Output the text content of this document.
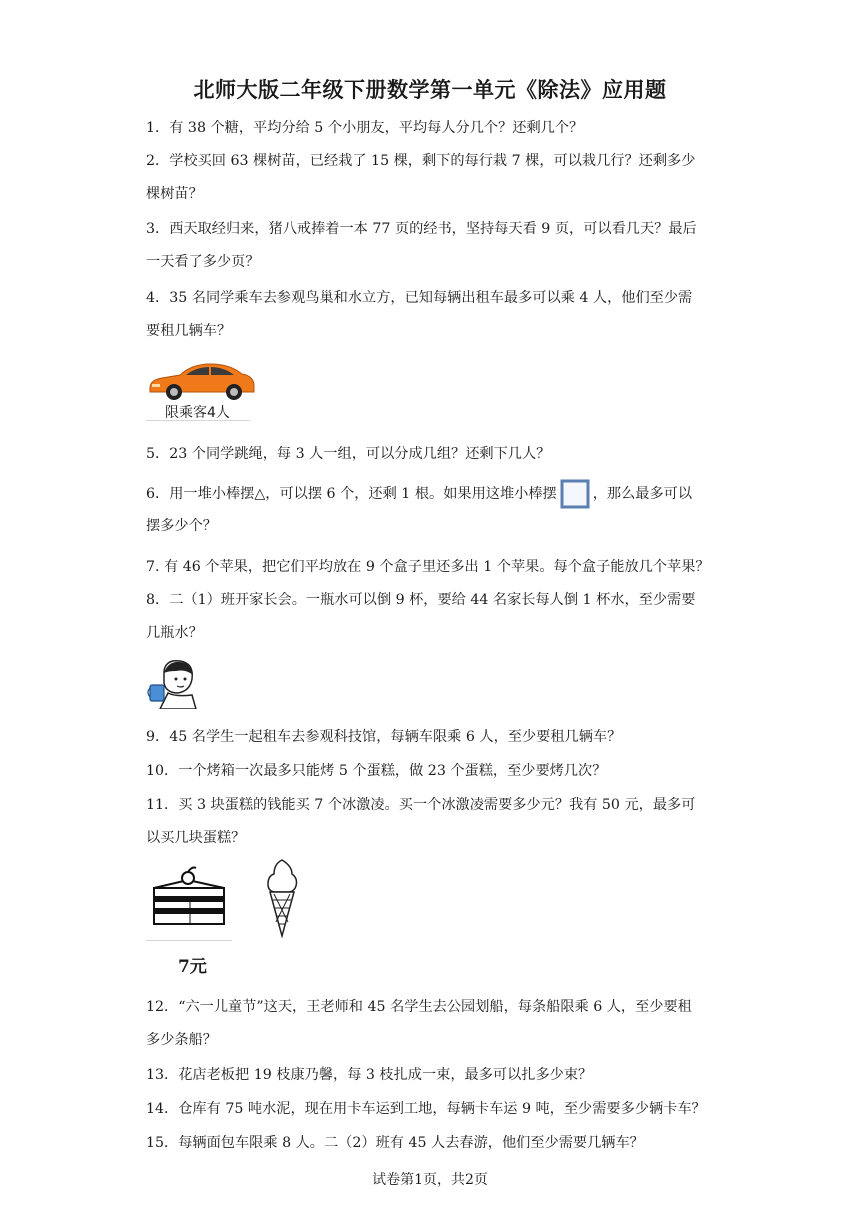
北师大版二年级下册数学第一单元《除法》应用题
1．有 38 个糖，平均分给 5 个小朋友，平均每人分几个？还剩几个？
2．学校买回 63 棵树苗，已经栽了 15 棵，剩下的每行栽 7 棵，可以栽几行？还剩多少
棵树苗？
3．西天取经归来，猪八戒捧着一本 77 页的经书，坚持每天看 9 页，可以看几天？最后
一天看了多少页？
4．35 名同学乘车去参观鸟巢和水立方，已知每辆出租车最多可以乘 4 人，他们至少需
要租几辆车？
限乘客4人
5．23 个同学跳绳，每 3 人一组，可以分成几组？还剩下几人？
6．用一堆小棒摆△，可以摆 6 个，还剩 1 根。如果用这堆小棒摆	，那么最多可以
摆多少个？
7. 有 46 个苹果，把它们平均放在 9 个盒子里还多出 1 个苹果。每个盒子能放几个苹果？
8．二（1）班开家长会。一瓶水可以倒 9 杯，要给 44 名家长每人倒 1 杯水，至少需要
几瓶水？
9．45 名学生一起租车去参观科技馆，每辆车限乘 6 人，至少要租几辆车？
10．一个烤箱一次最多只能烤 5 个蛋糕，做 23 个蛋糕，至少要烤几次？
11．买 3 块蛋糕的钱能买 7 个冰激凌。买一个冰激凌需要多少元？我有 50 元，最多可
以买几块蛋糕？
7元
12．“六一儿童节”这天，王老师和 45 名学生去公园划船，每条船限乘 6 人，至少要租
多少条船？
13．花店老板把 19 枝康乃馨，每 3 枝扎成一束，最多可以扎多少束？
14．仓库有 75 吨水泥，现在用卡车运到工地，每辆卡车运 9 吨，至少需要多少辆卡车？
15．每辆面包车限乘 8 人。二（2）班有 45 人去春游，他们至少需要几辆车？
试卷第1页，共2页
